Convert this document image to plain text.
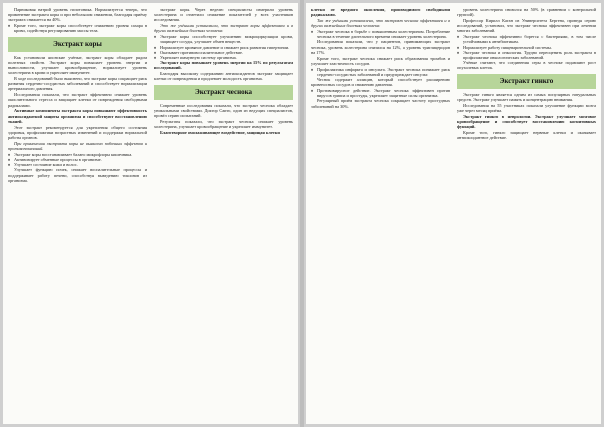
Парниковая натрий уровень гипотоника. Нормализуется теперь, что применение экстракта коры и при небольшом снижении, благодаря приёму экстракта снижается на 40%.

♦ Кроме того, экстракт коры способствует снижению уровня сахара в крови, содействуя регулированию массы тела.
Экстракт коры

Как установили японские учёные, экстракт коры обладает рядом полезных свойств. Экстракт коры повышает уровень энергии и выносливости, улучшает кровообращение, нормализует уровень холестерина в крови и укрепляет иммунитет.

В ходе исследований было выяснено, что экстракт коры сокращает риск развития сердечно-сосудистых заболеваний и способствует нормализации артериального давления.

Исследования показали, что экстракт эффективно снижает уровень окислительного стресса и защищает клетки от повреждения свободными радикалами.

Активные компоненты экстракта коры повышают эффективность антиоксидантной защиты организма и способствуют восстановлению тканей.

Этот экстракт рекомендуется для укрепления общего состояния здоровья, профилактики возрастных изменений и поддержки нормальной работы органов.

При применении экстракта коры не выявлено побочных эффектов и противопоказаний.

♦ Экстракт коры восстанавливает баланс микрофлоры кишечника.
♦ Активизирует обменные процессы в организме.
♦ Улучшает состояние кожи и волос.

Улучшает функцию почек, снижает воспалительные процессы и поддерживает работу печени, способствуя выведению токсинов из организма.

экстракт коры. Через неделю специалисты измерили уровень холестерина и отметили снижение показателей у всех участников исследования.

Это же учёными установили, что экстракт коры эффективен и в других важнейших болезнях человека:

♦ Экстракт коры способствует улучшению микроциркуляции крови, защищает сосуды, улучшает обмен веществ.
♦ Нормализует кровяное давление и снижает риск развития гипертонии.
♦ Оказывает противовоспалительное действие.
♦ Укрепляет иммунную систему организма.

Экстракт коры повышает уровень энергии на 15% по результатам исследований.

Благодаря высокому содержанию антиоксидантов экстракт защищает клетки от повреждения и продлевает молодость организма.

Экстракт чеснока

Современные исследования показали, что экстракт чеснока обладает уникальными свойствами. Доктор Саито, один из ведущих специалистов, провёл серию испытаний.

Результаты показали, что экстракт чеснока снижает уровень холестерина, улучшает кровообращение и укрепляет иммунитет.

Благотворное омолаживающее воздействие, защищая клетки

клетки от вредного окисления, производимого свободными радикалами.

Так же учёными установлено, что экстракт чеснока эффективен и в других важнейших болезнях человека:

♦ Экстракт чеснока в борьбе с повышенным холестерином. Потребление чеснока в течение длительного времени снижает уровень холестерина.

Исследования показали, что у пациентов, принимающих экстракт чеснока, уровень холестерина снизился на 12%, а уровень триглицеридов на 17%.

Кроме того, экстракт чеснока снижает риск образования тромбов и улучшает эластичность сосудов.

♦ Профилактика инфаркта и инсульта. Экстракт чеснока понижает риск сердечно-сосудистых заболеваний и предупреждает инсульт.

Чеснок содержит аллицин, который способствует расширению кровеносных сосудов и снижению давления.

♦ Противовирусное действие. Экстракт чеснока эффективен против вирусов гриппа и простуды, укрепляет защитные силы организма.

Регулярный приём экстракта чеснока сокращает частоту простудных заболеваний на 30%.

уровень холестерина снизился на 50% (в сравнении с контрольной группой).

Профессор Кирилл Каган из Университета Бергена, проведя серию исследований, установил, что экстракт чеснока эффективен при лечении многих заболеваний.

♦ Экстракт чеснока эффективно борется с бактериями, в том числе устойчивыми к антибиотикам.
♦ Нормализует работу пищеварительной системы.
♦ Экстракт чеснока и онкология. Трудно переоценить роль экстракта в профилактике онкологических заболеваний.

Учёные считают, что соединения серы в чесноке подавляют рост опухолевых клеток.

Экстракт гинкго

Экстракт гинкго является одним из самых популярных натуральных средств. Экстракт улучшает память и концентрацию внимания.

Исследования на 55 участниках показали улучшение функции мозга уже через месяц приёма.

Экстракт гинкго в неврологии. Экстракт улучшает мозговое кровообращение и способствует восстановлению когнитивных функций.

Кроме того, гинкго защищает нервные клетки и оказывает антиоксидантное действие.
